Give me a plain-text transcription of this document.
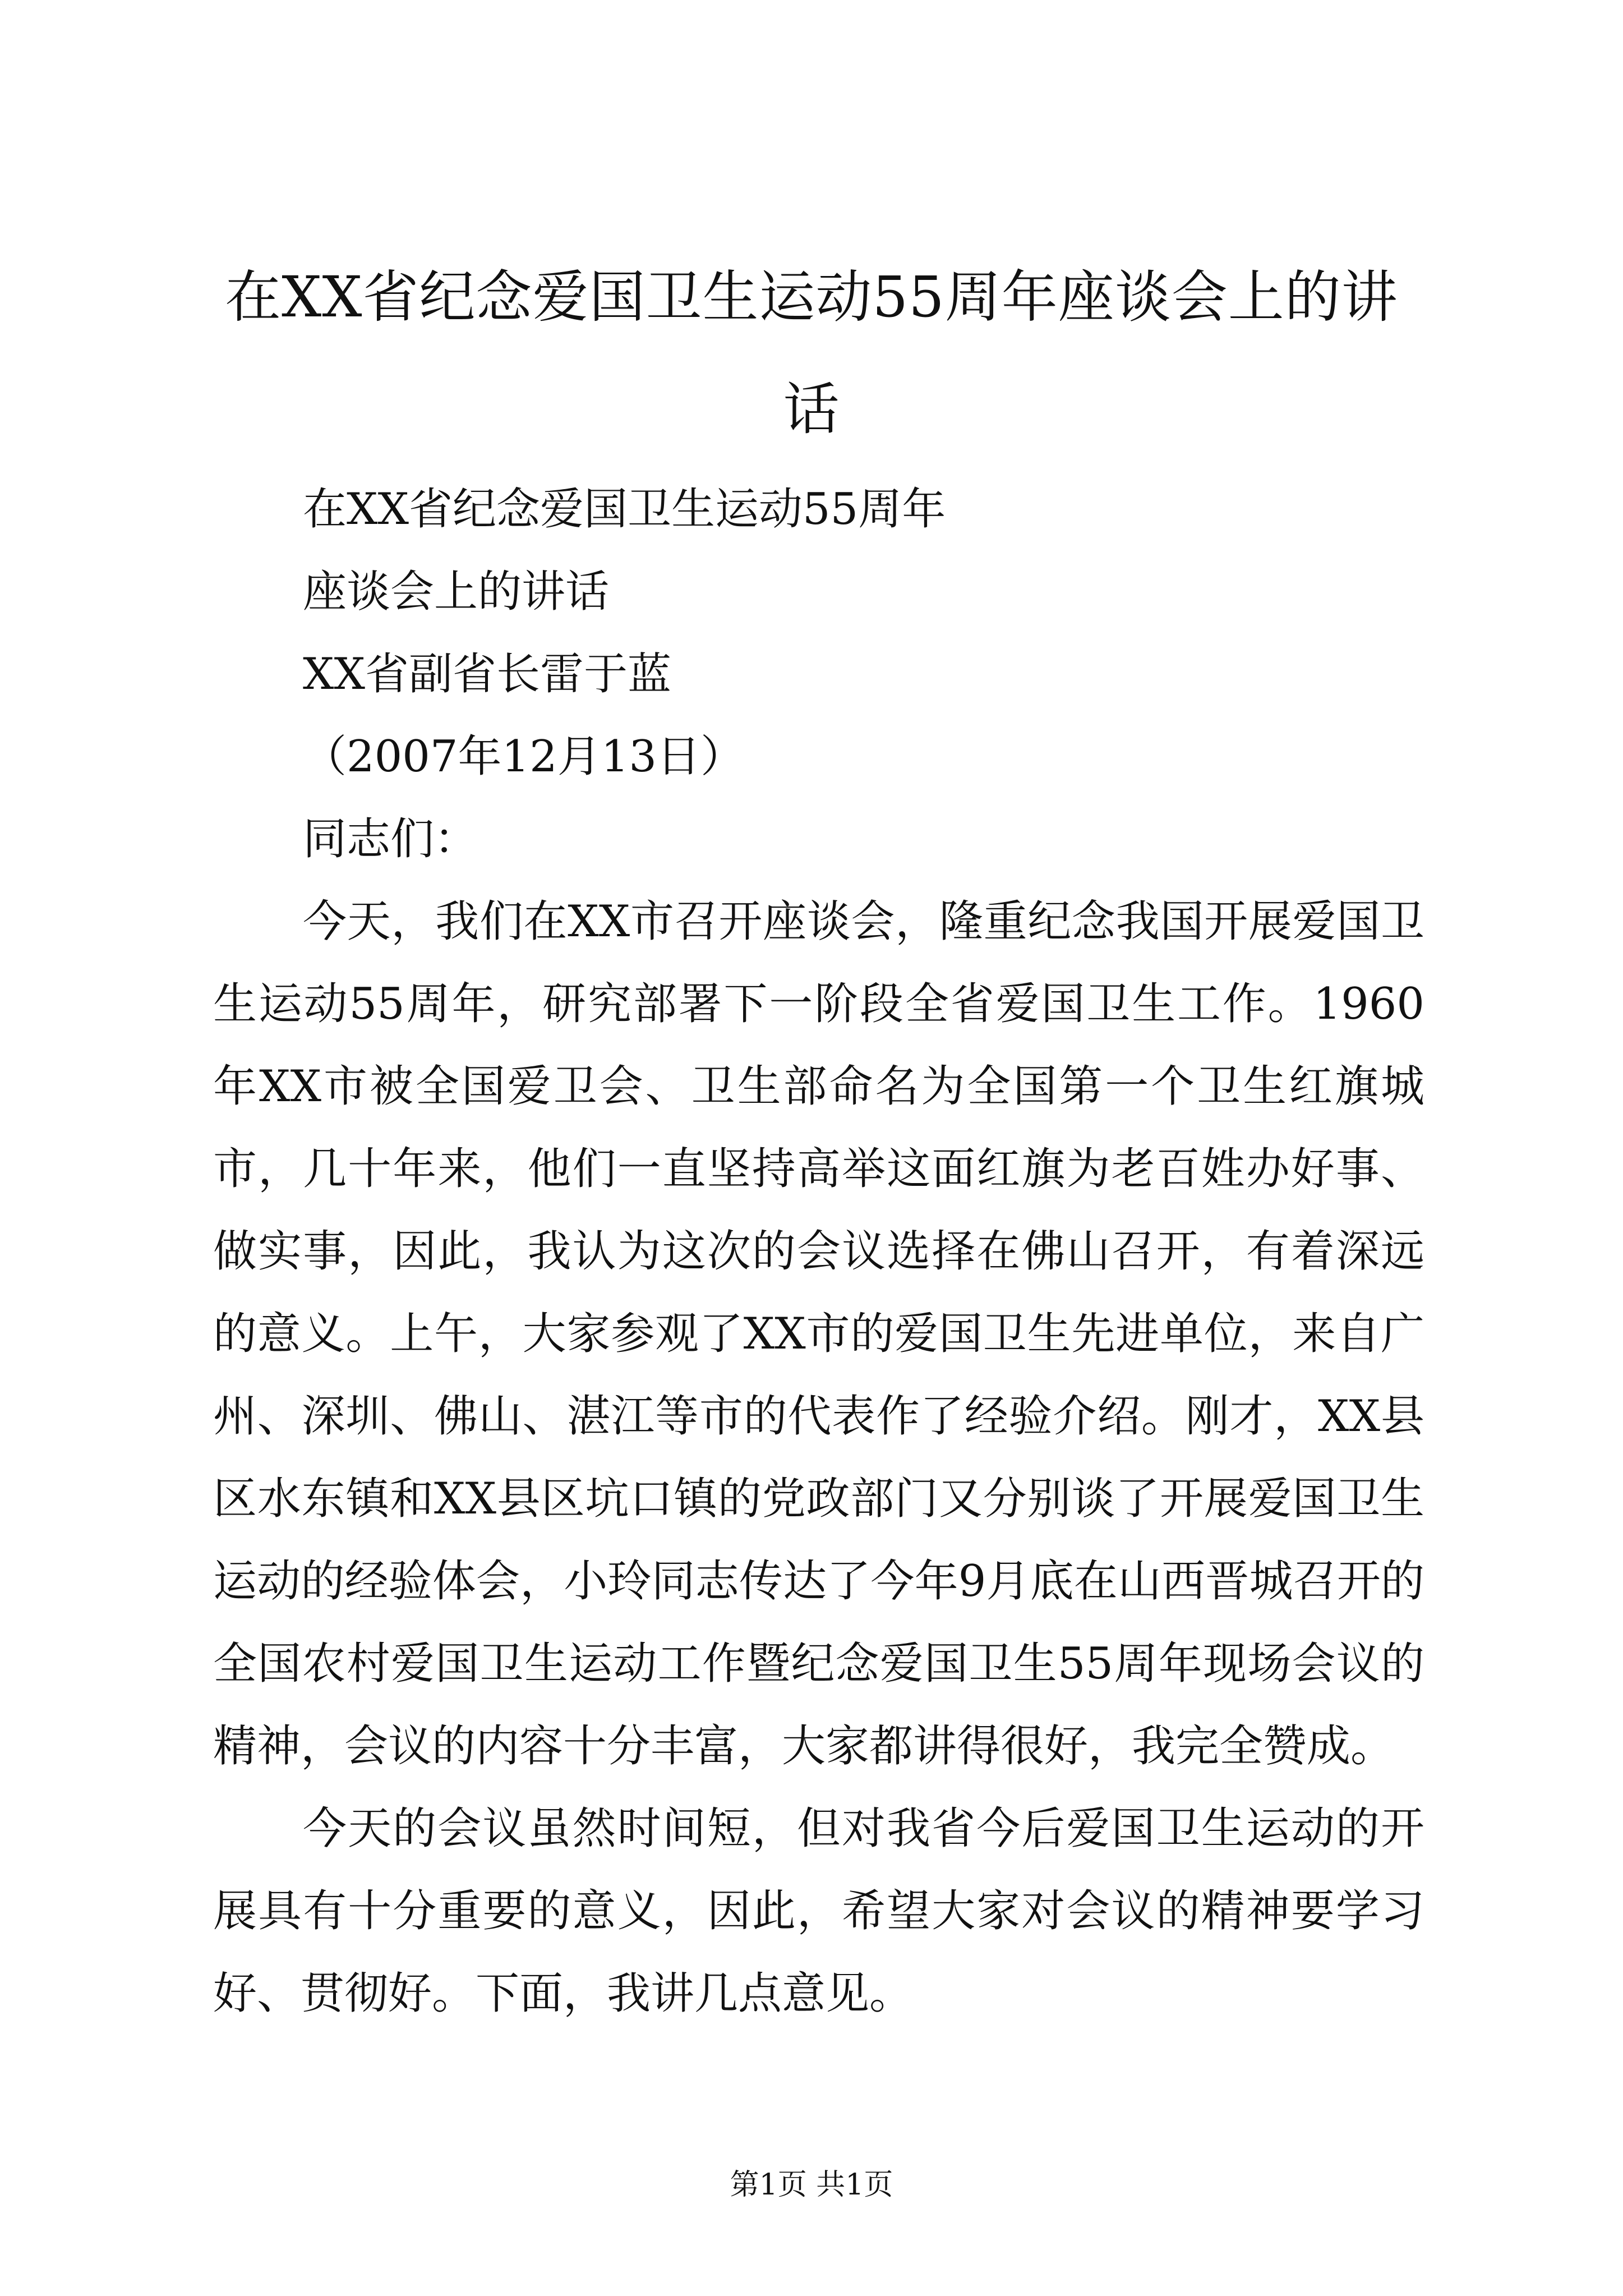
在XX省纪念爱国卫生运动55周年座谈会上的讲话

在XX省纪念爱国卫生运动55周年

座谈会上的讲话

XX省副省长雷于蓝

（2007年12月13日）

同志们：

今天，我们在XX市召开座谈会，隆重纪念我国开展爱国卫生运动55周年，研究部署下一阶段全省爱国卫生工作。1960年XX市被全国爱卫会、卫生部命名为全国第一个卫生红旗城市，几十年来，他们一直坚持高举这面红旗为老百姓办好事、做实事，因此，我认为这次的会议选择在佛山召开，有着深远的意义。上午，大家参观了XX市的爱国卫生先进单位，来自广州、深圳、佛山、湛江等市的代表作了经验介绍。刚才，XX县区水东镇和XX县区坑口镇的党政部门又分别谈了开展爱国卫生运动的经验体会，小玲同志传达了今年9月底在山西晋城召开的全国农村爱国卫生运动工作暨纪念爱国卫生55周年现场会议的精神，会议的内容十分丰富，大家都讲得很好，我完全赞成。

今天的会议虽然时间短，但对我省今后爱国卫生运动的开展具有十分重要的意义，因此，希望大家对会议的精神要学习好、贯彻好。下面，我讲几点意见。

第1页 共1页
